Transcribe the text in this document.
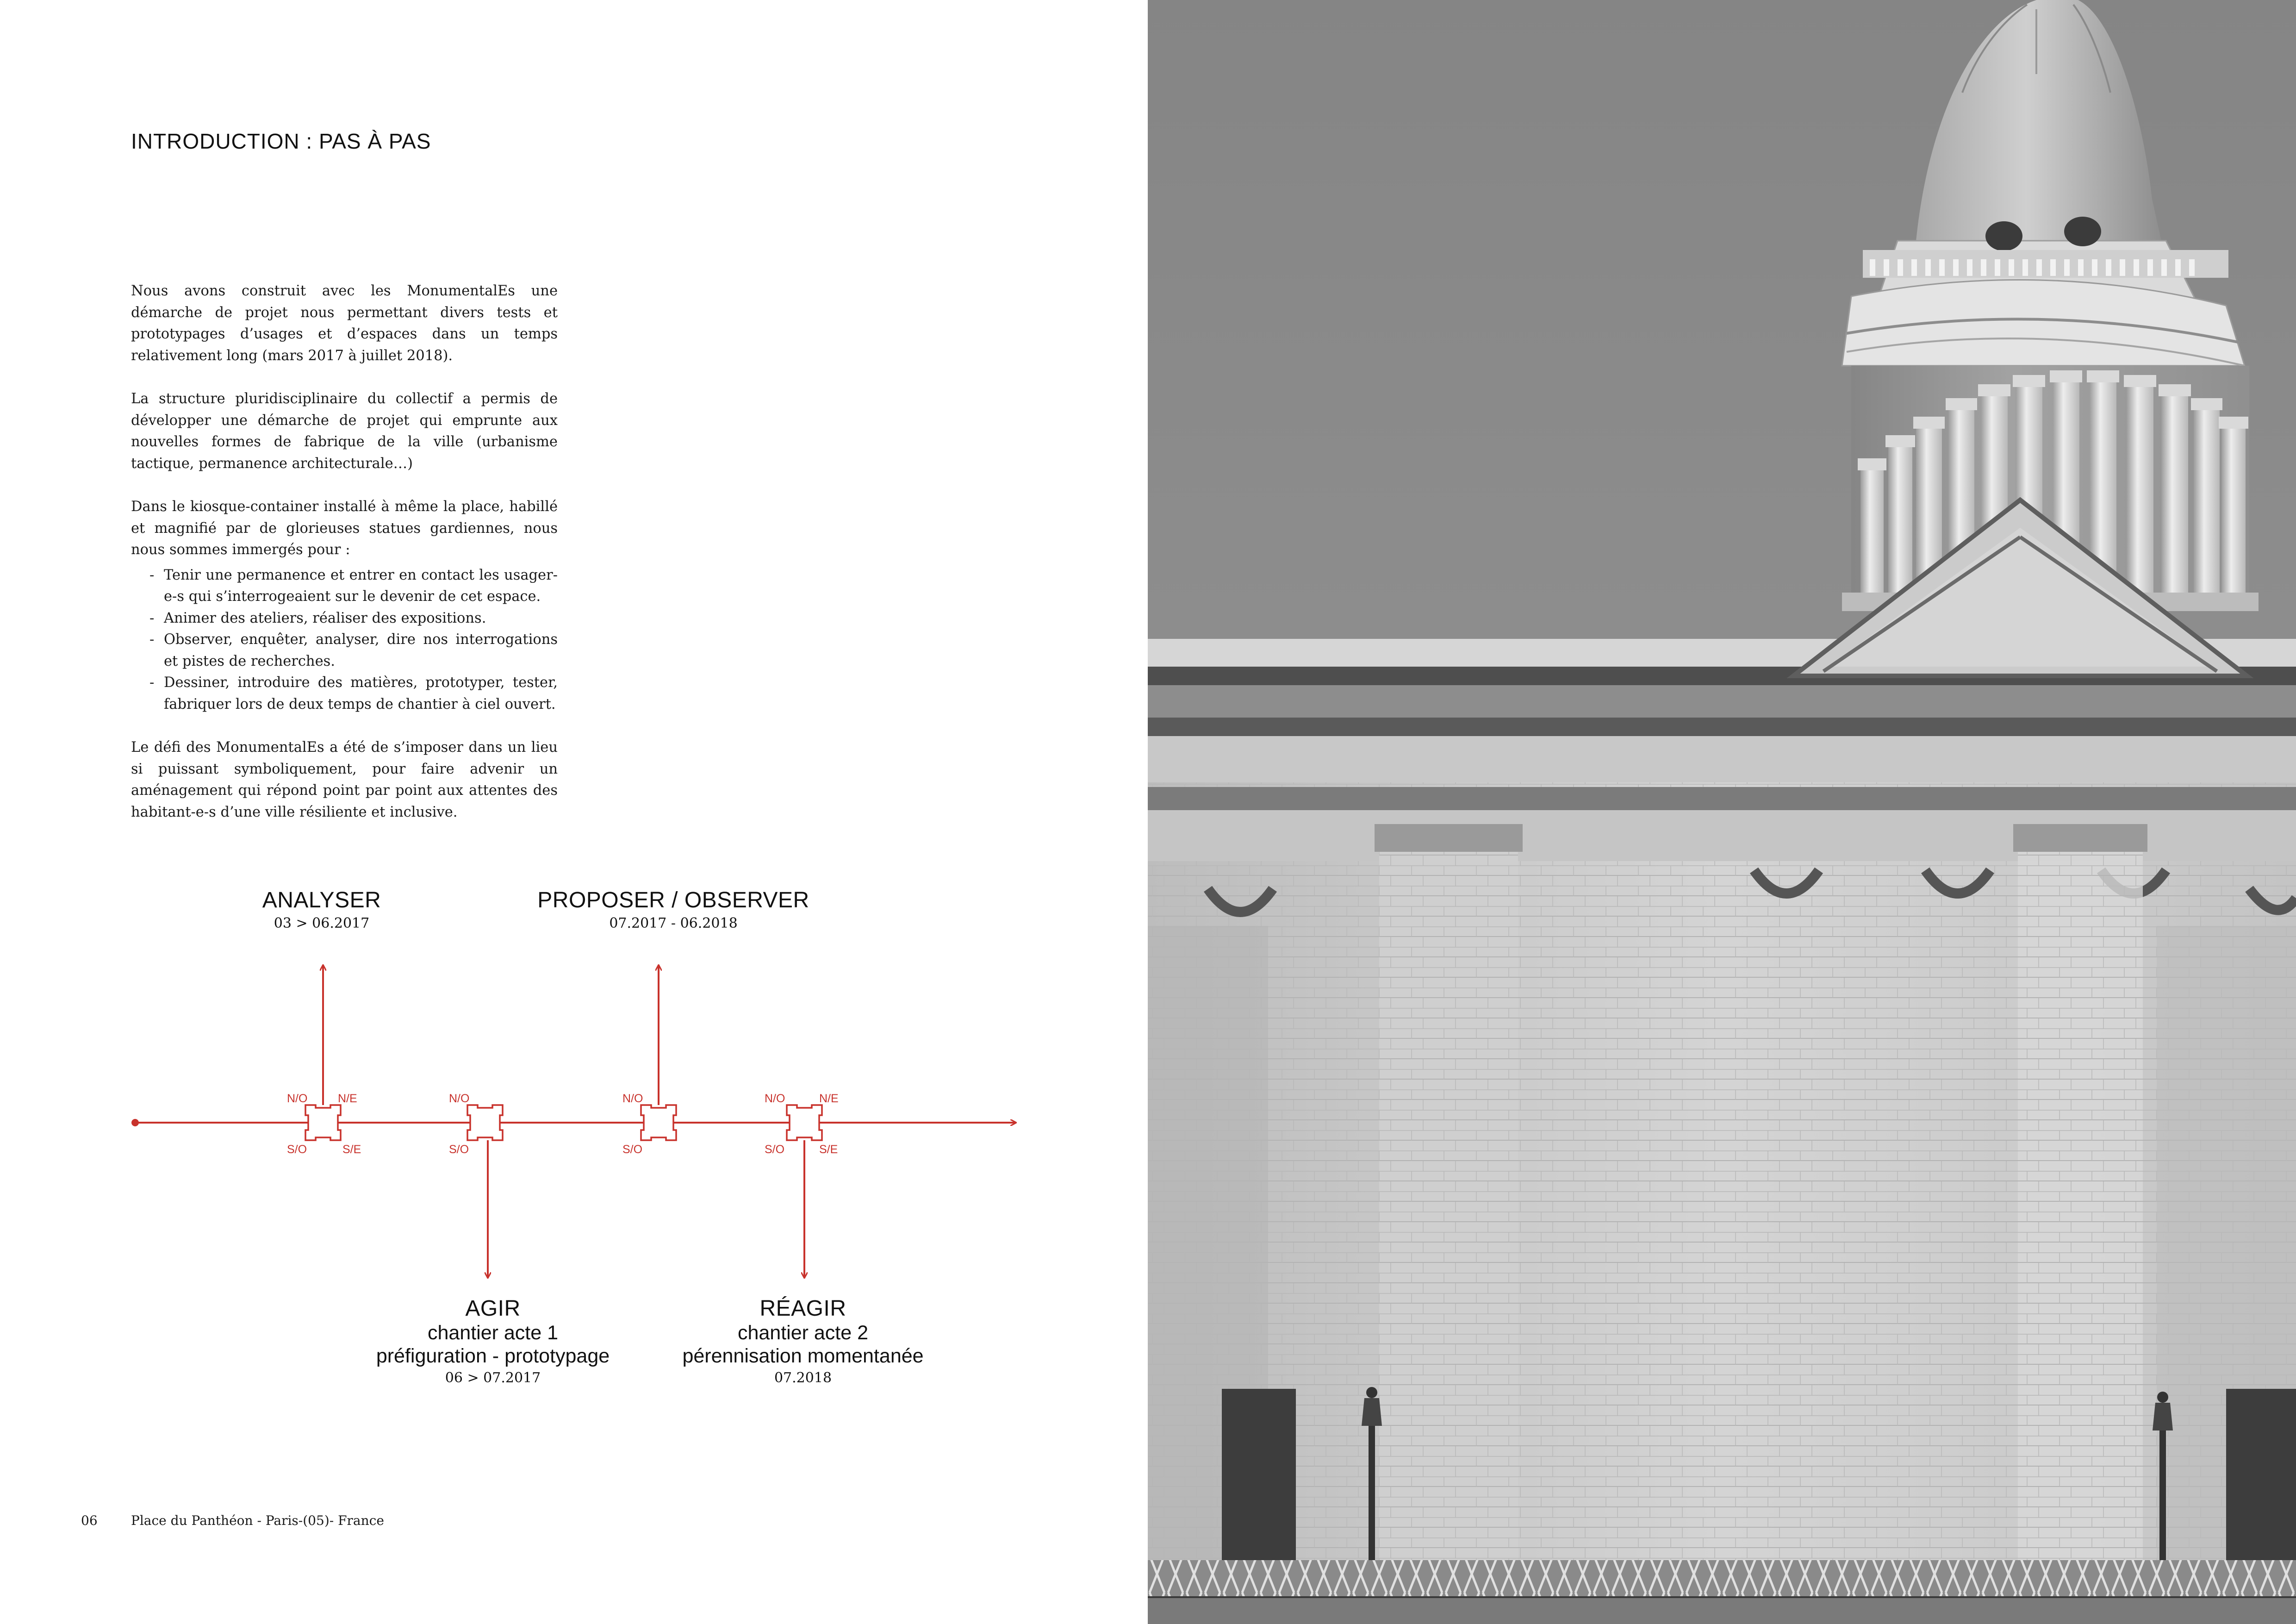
INTRODUCTION : PAS À PAS

Nous avons construit avec les MonumentalEs une démarche de projet nous permettant divers tests et prototypages d’usages et d’espaces dans un temps relativement long (mars 2017 à juillet 2018).

La structure pluridisciplinaire du collectif a permis de développer une démarche de projet qui emprunte aux nouvelles formes de fabrique de la ville (urbanisme tactique, permanence architecturale…)

Dans le kiosque-container installé à même la place, habillé et magnifié par de glorieuses statues gardiennes, nous nous sommes immergés pour :

- Tenir une permanence et entrer en contact les usager-e-s qui s’interrogeaient sur le devenir de cet espace.
- Animer des ateliers, réaliser des expositions.
- Observer, enquêter, analyser, dire nos interrogations et pistes de recherches.
- Dessiner, introduire des matières, prototyper, tester, fabriquer lors de deux temps de chantier à ciel ouvert.

Le défi des MonumentalEs a été de s’imposer dans un lieu si puissant symboliquement, pour faire advenir un aménagement qui répond point par point aux attentes des habitant-e-s d’une ville résiliente et inclusive.

ANALYSER
03 > 06.2017
PROPOSER / OBSERVER
07.2017 - 06.2018
AGIR
chantier acte 1
préfiguration - prototypage
06 > 07.2017
RÉAGIR
chantier acte 2
pérennisation momentanée
07.2018
N/O	N/E
S/O	S/E
N/O
S/O
N/O
S/O
N/O	N/E
S/O	S/E
06	Place du Panthéon - Paris-(05)- France
